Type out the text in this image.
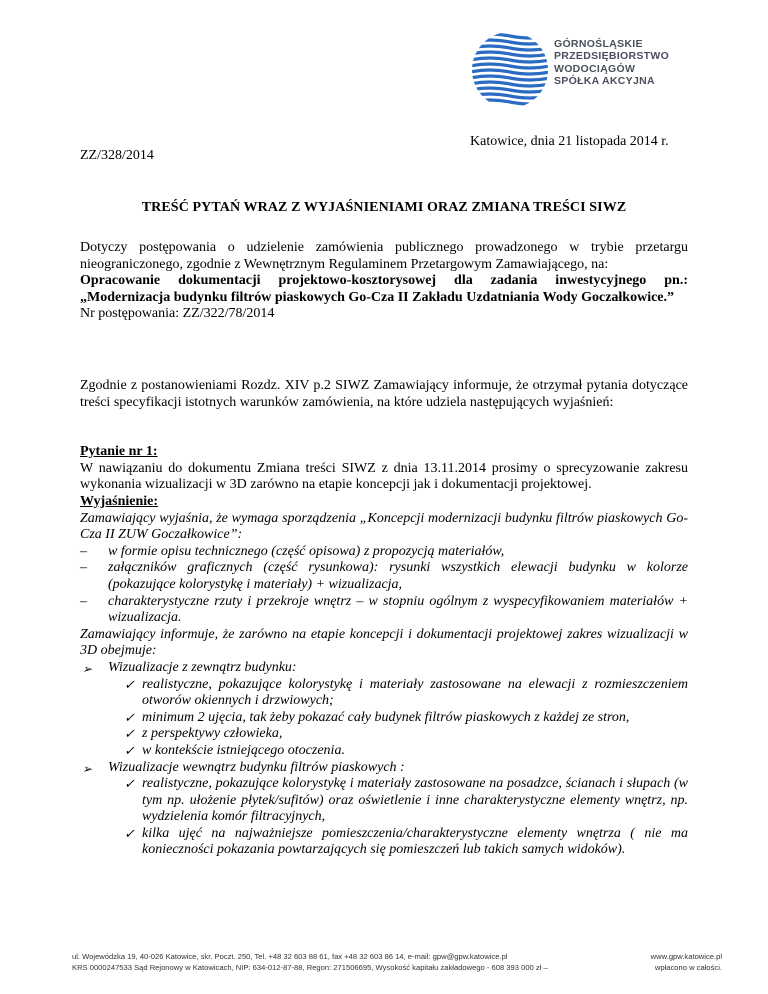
GÓRNOŚLĄSKIE
PRZEDSIĘBIORSTWO
WODOCIĄGÓW
SPÓŁKA AKCYJNA
Katowice, dnia 21 listopada 2014 r.
ZZ/328/2014
TREŚĆ PYTAŃ WRAZ Z WYJAŚNIENIAMI ORAZ ZMIANA TREŚCI SIWZ
Dotyczy postępowania o udzielenie zamówienia publicznego prowadzonego w trybie przetargu nieograniczonego, zgodnie z Wewnętrznym Regulaminem Przetargowym Zamawiającego, na:
Opracowanie dokumentacji projektowo-kosztorysowej dla zadania inwestycyjnego pn.: „Modernizacja budynku filtrów piaskowych Go-Cza II Zakładu Uzdatniania Wody Goczałkowice.”
Nr postępowania: ZZ/322/78/2014
Zgodnie z postanowieniami Rozdz. XIV p.2 SIWZ Zamawiający informuje, że otrzymał pytania dotyczące treści specyfikacji istotnych warunków zamówienia, na które udziela następujących wyjaśnień:
Pytanie nr 1:
W nawiązaniu do dokumentu Zmiana treści SIWZ z dnia 13.11.2014 prosimy o sprecyzowanie zakresu wykonania wizualizacji w 3D zarówno na etapie koncepcji jak i dokumentacji projektowej.
Wyjaśnienie:
Zamawiający wyjaśnia, że wymaga sporządzenia „Koncepcji modernizacji budynku filtrów piaskowych Go-Cza II ZUW Goczałkowice”:
– w formie opisu technicznego (część opisowa) z propozycją materiałów,
– załączników graficznych (część rysunkowa): rysunki wszystkich elewacji budynku w kolorze (pokazujące kolorystykę i materiały) + wizualizacja,
– charakterystyczne rzuty i przekroje wnętrz – w stopniu ogólnym z wyspecyfikowaniem materiałów + wizualizacja.
Zamawiający informuje, że zarówno na etapie koncepcji i dokumentacji projektowej zakres wizualizacji w 3D obejmuje:
➢ Wizualizacje z zewnątrz budynku:
✓ realistyczne, pokazujące kolorystykę i materiały zastosowane na elewacji z rozmieszczeniem otworów okiennych i drzwiowych;
✓ minimum 2 ujęcia, tak żeby pokazać cały budynek filtrów piaskowych z każdej ze stron,
✓ z perspektywy człowieka,
✓ w kontekście istniejącego otoczenia.
➢ Wizualizacje wewnątrz budynku filtrów piaskowych :
✓ realistyczne, pokazujące kolorystykę i materiały zastosowane na posadzce, ścianach i słupach (w tym np. ułożenie płytek/sufitów) oraz oświetlenie i inne charakterystyczne elementy wnętrz, np. wydzielenia komór filtracyjnych,
✓ kilka ujęć na najważniejsze pomieszczenia/charakterystyczne elementy wnętrza ( nie ma konieczności pokazania powtarzających się pomieszczeń lub takich samych widoków).
ul. Wojewódzka 19, 40-026 Katowice, skr. Poczt. 250, Tel. +48 32 603 88 61, fax +48 32 603 86 14, e-mail: gpw@gpw.katowice.pl	www.gpw.katowice.pl
KRS 0000247533 Sąd Rejonowy w Katowicach, NIP: 634-012-87-88, Regon: 271506695, Wysokość kapitału zakładowego - 608 393 000 zł –	wpłacono w całości.
